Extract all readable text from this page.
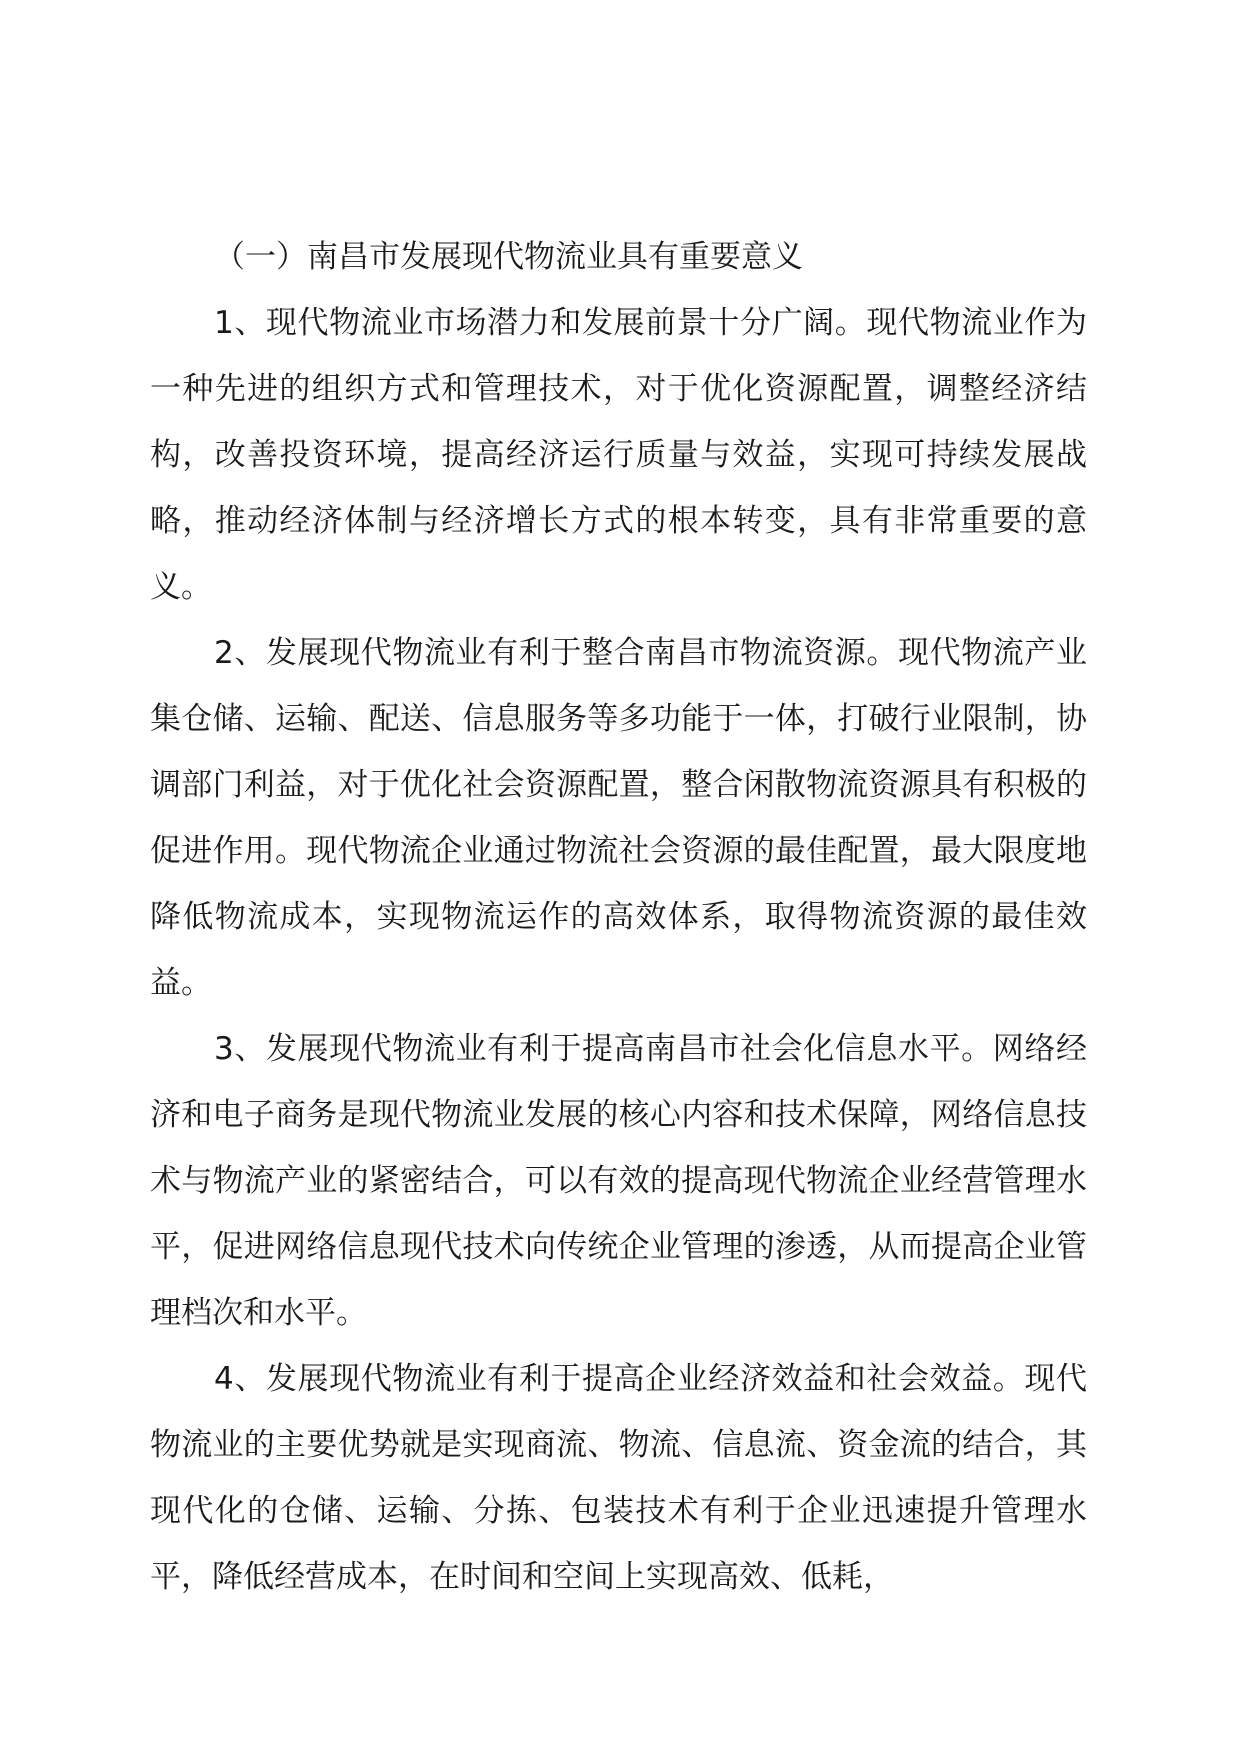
（一）南昌市发展现代物流业具有重要意义

1、现代物流业市场潜力和发展前景十分广阔。现代物流业作为一种先进的组织方式和管理技术，对于优化资源配置，调整经济结构，改善投资环境，提高经济运行质量与效益，实现可持续发展战略，推动经济体制与经济增长方式的根本转变，具有非常重要的意义。

2、发展现代物流业有利于整合南昌市物流资源。现代物流产业集仓储、运输、配送、信息服务等多功能于一体，打破行业限制，协调部门利益，对于优化社会资源配置，整合闲散物流资源具有积极的促进作用。现代物流企业通过物流社会资源的最佳配置，最大限度地降低物流成本，实现物流运作的高效体系，取得物流资源的最佳效益。

3、发展现代物流业有利于提高南昌市社会化信息水平。网络经济和电子商务是现代物流业发展的核心内容和技术保障，网络信息技术与物流产业的紧密结合，可以有效的提高现代物流企业经营管理水平，促进网络信息现代技术向传统企业管理的渗透，从而提高企业管理档次和水平。

4、发展现代物流业有利于提高企业经济效益和社会效益。现代物流业的主要优势就是实现商流、物流、信息流、资金流的结合，其现代化的仓储、运输、分拣、包装技术有利于企业迅速提升管理水平，降低经营成本，在时间和空间上实现高效、低耗，
